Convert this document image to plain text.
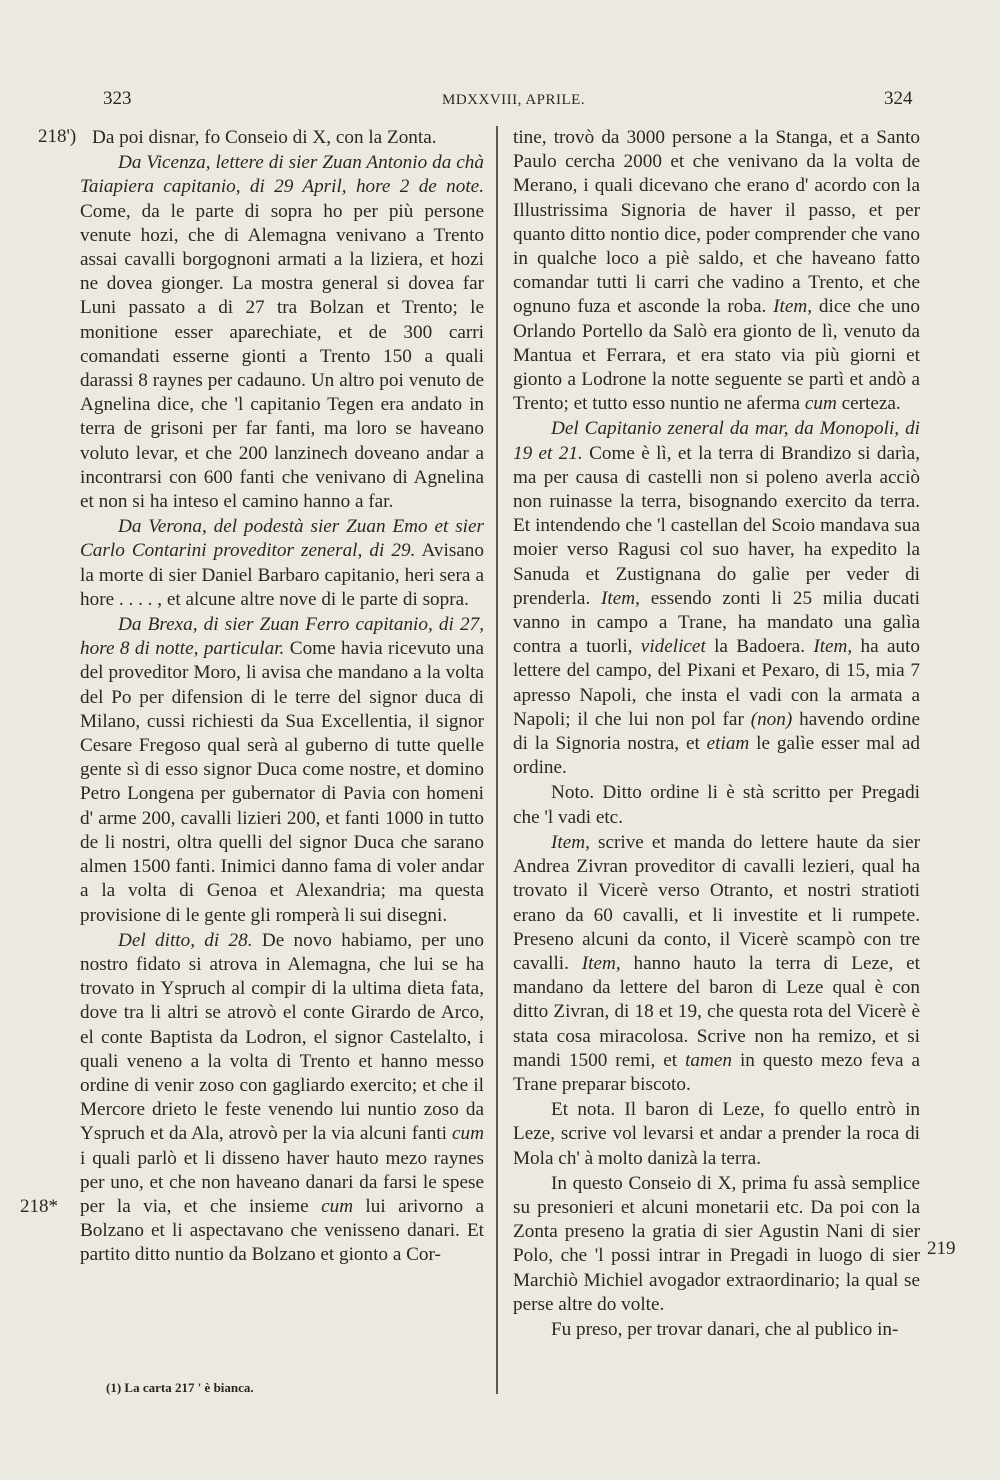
323	MDXXVIII, APRILE.	324
218')
218*
219

Da poi disnar, fo Conseio di X, con la Zonta.

Da Vicenza, lettere di sier Zuan Antonio da chà Taiapiera capitanio, di 29 April, hore 2 de note. Come, da le parte di sopra ho per più persone venute hozi, che di Alemagna venivano a Trento assai cavalli borgognoni armati a la liziera, et hozi ne dovea gionger. La mostra general si dovea far Luni passato a di 27 tra Bolzan et Trento; le monitione esser aparechiate, et de 300 carri comandati esserne gionti a Trento 150 a quali darassi 8 raynes per cadauno. Un altro poi venuto de Agnelina dice, che 'l capitanio Tegen era andato in terra de grisoni per far fanti, ma loro se haveano voluto levar, et che 200 lanzinech doveano andar a incontrarsi con 600 fanti che venivano di Agnelina et non si ha inteso el camino hanno a far.

Da Verona, del podestà sier Zuan Emo et sier Carlo Contarini proveditor zeneral, di 29. Avisano la morte di sier Daniel Barbaro capitanio, heri sera a hore . . . . , et alcune altre nove di le parte di sopra.

Da Brexa, di sier Zuan Ferro capitanio, di 27, hore 8 di notte, particular. Come havia ricevuto una del proveditor Moro, li avisa che mandano a la volta del Po per difension di le terre del signor duca di Milano, cussi richiesti da Sua Excellentia, il signor Cesare Fregoso qual serà al guberno di tutte quelle gente sì di esso signor Duca come nostre, et domino Petro Longena per gubernator di Pavia con homeni d' arme 200, cavalli lizieri 200, et fanti 1000 in tutto de li nostri, oltra quelli del signor Duca che sarano almen 1500 fanti. Inimici danno fama di voler andar a la volta di Genoa et Alexandria; ma questa provisione di le gente gli romperà li sui disegni.

Del ditto, di 28. De novo habiamo, per uno nostro fidato si atrova in Alemagna, che lui se ha trovato in Yspruch al compir di la ultima dieta fata, dove tra li altri se atrovò el conte Girardo de Arco, el conte Baptista da Lodron, el signor Castelalto, i quali veneno a la volta di Trento et hanno messo ordine di venir zoso con gagliardo exercito; et che il Mercore drieto le feste venendo lui nuntio zoso da Yspruch et da Ala, atrovò per la via alcuni fanti cum i quali parlò et li disseno haver hauto mezo raynes per uno, et che non haveano danari da farsi le spese per la via, et che insieme cum lui arivorno a Bolzano et li aspectavano che venisseno danari. Et partito ditto nuntio da Bolzano et gionto a Cor-

tine, trovò da 3000 persone a la Stanga, et a Santo Paulo cercha 2000 et che venivano da la volta de Merano, i quali dicevano che erano d' acordo con la Illustrissima Signoria de haver il passo, et per quanto ditto nontio dice, poder comprender che vano in qualche loco a piè saldo, et che haveano fatto comandar tutti li carri che vadino a Trento, et che ognuno fuza et asconde la roba. Item, dice che uno Orlando Portello da Salò era gionto de lì, venuto da Mantua et Ferrara, et era stato via più giorni et gionto a Lodrone la notte seguente se partì et andò a Trento; et tutto esso nuntio ne aferma cum certeza.

Del Capitanio zeneral da mar, da Monopoli, di 19 et 21. Come è lì, et la terra di Brandizo si darìa, ma per causa di castelli non si poleno averla acciò non ruinasse la terra, bisognando exercito da terra. Et intendendo che 'l castellan del Scoio mandava sua moier verso Ragusi col suo haver, ha expedito la Sanuda et Zustignana do galìe per veder di prenderla. Item, essendo zonti li 25 milia ducati vanno in campo a Trane, ha mandato una galìa contra a tuorli, videlicet la Badoera. Item, ha auto lettere del campo, del Pixani et Pexaro, di 15, mia 7 apresso Napoli, che insta el vadi con la armata a Napoli; il che lui non pol far (non) havendo ordine di la Signoria nostra, et etiam le galìe esser mal ad ordine.

Noto. Ditto ordine li è stà scritto per Pregadi che 'l vadi etc.

Item, scrive et manda do lettere haute da sier Andrea Zivran proveditor di cavalli lezieri, qual ha trovato il Vicerè verso Otranto, et nostri stratioti erano da 60 cavalli, et li investite et li rumpete. Preseno alcuni da conto, il Vicerè scampò con tre cavalli. Item, hanno hauto la terra di Leze, et mandano da lettere del baron di Leze qual è con ditto Zivran, di 18 et 19, che questa rota del Vicerè è stata cosa miracolosa. Scrive non ha remizo, et si mandi 1500 remi, et tamen in questo mezo feva a Trane preparar biscoto.

Et nota. Il baron di Leze, fo quello entrò in Leze, scrive vol levarsi et andar a prender la roca di Mola ch' à molto danizà la terra.

In questo Conseio di X, prima fu assà semplice su presonieri et alcuni monetarii etc. Da poi con la Zonta preseno la gratia di sier Agustin Nani di sier Polo, che 'l possi intrar in Pregadi in luogo di sier Marchiò Michiel avogador extraordinario; la qual se perse altre do volte.

Fu preso, per trovar danari, che al publico in-

(1) La carta 217 ' è bianca.
